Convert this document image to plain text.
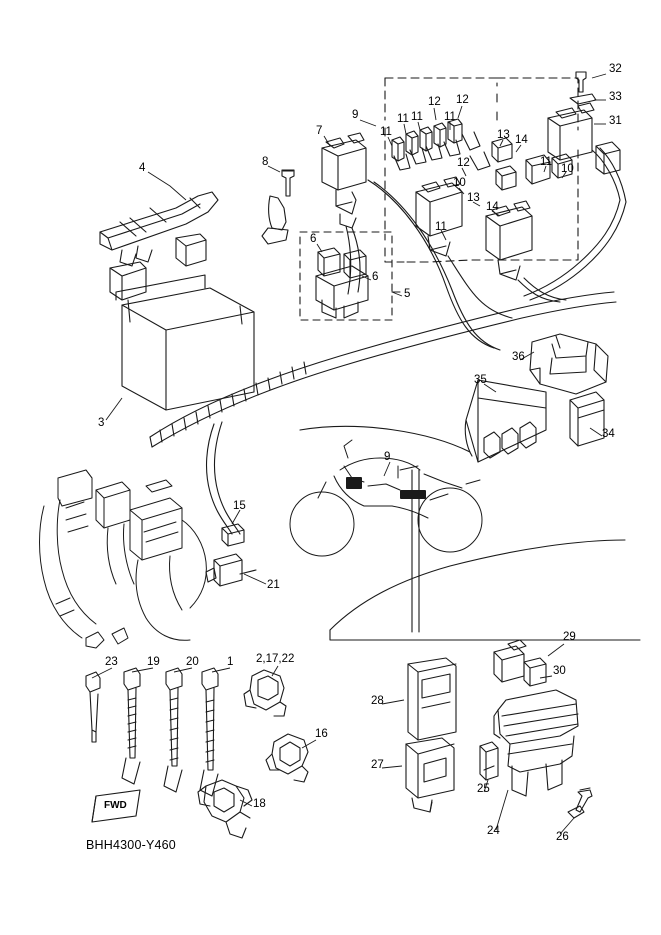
32
33
31
9
12 12
11
11 11 11
7	13 14
11
10
12
10
13
14
11
8
4
6
6
5
3
36
35
34
9
15
21
23	19 20 1 2,17,22
16
18
28
27
29
30
25
24	26
FWD
BHH4300-Y460
